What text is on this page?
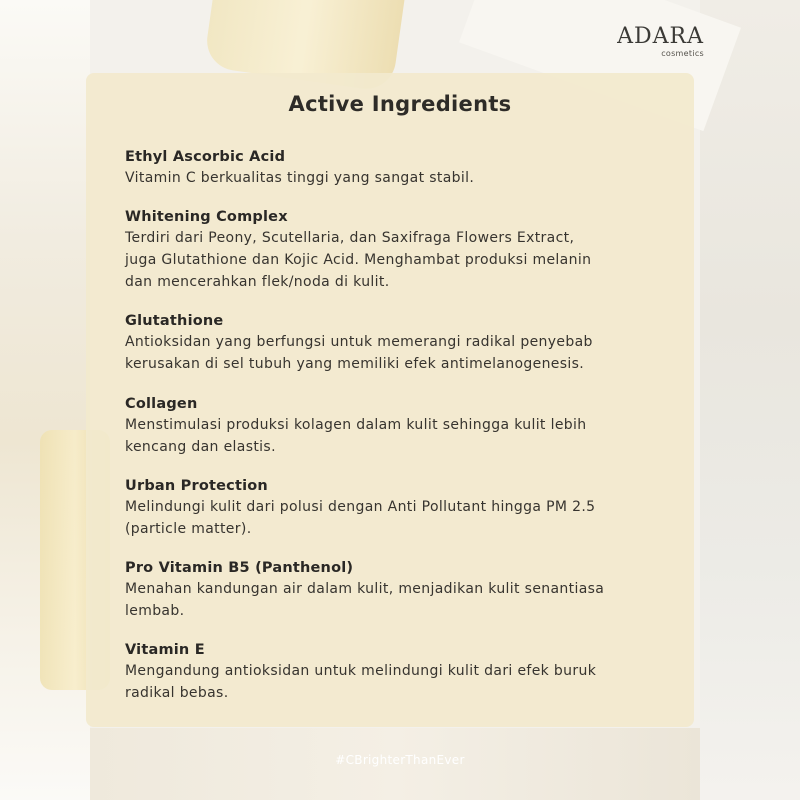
ADARA
cosmetics
Active Ingredients
Ethyl Ascorbic Acid
Vitamin C berkualitas tinggi yang sangat stabil.
Whitening Complex
Terdiri dari Peony, Scutellaria, dan Saxifraga Flowers Extract,
juga Glutathione dan Kojic Acid. Menghambat produksi melanin
dan mencerahkan flek/noda di kulit.
Glutathione
Antioksidan yang berfungsi untuk memerangi radikal penyebab
kerusakan di sel tubuh yang memiliki efek antimelanogenesis.
Collagen
Menstimulasi produksi kolagen dalam kulit sehingga kulit lebih
kencang dan elastis.
Urban Protection
Melindungi kulit dari polusi dengan Anti Pollutant hingga PM 2.5
(particle matter).
Pro Vitamin B5 (Panthenol)
Menahan kandungan air dalam kulit, menjadikan kulit senantiasa
lembab.
Vitamin E
Mengandung antioksidan untuk melindungi kulit dari efek buruk
radikal bebas.
#CBrighterThanEver
